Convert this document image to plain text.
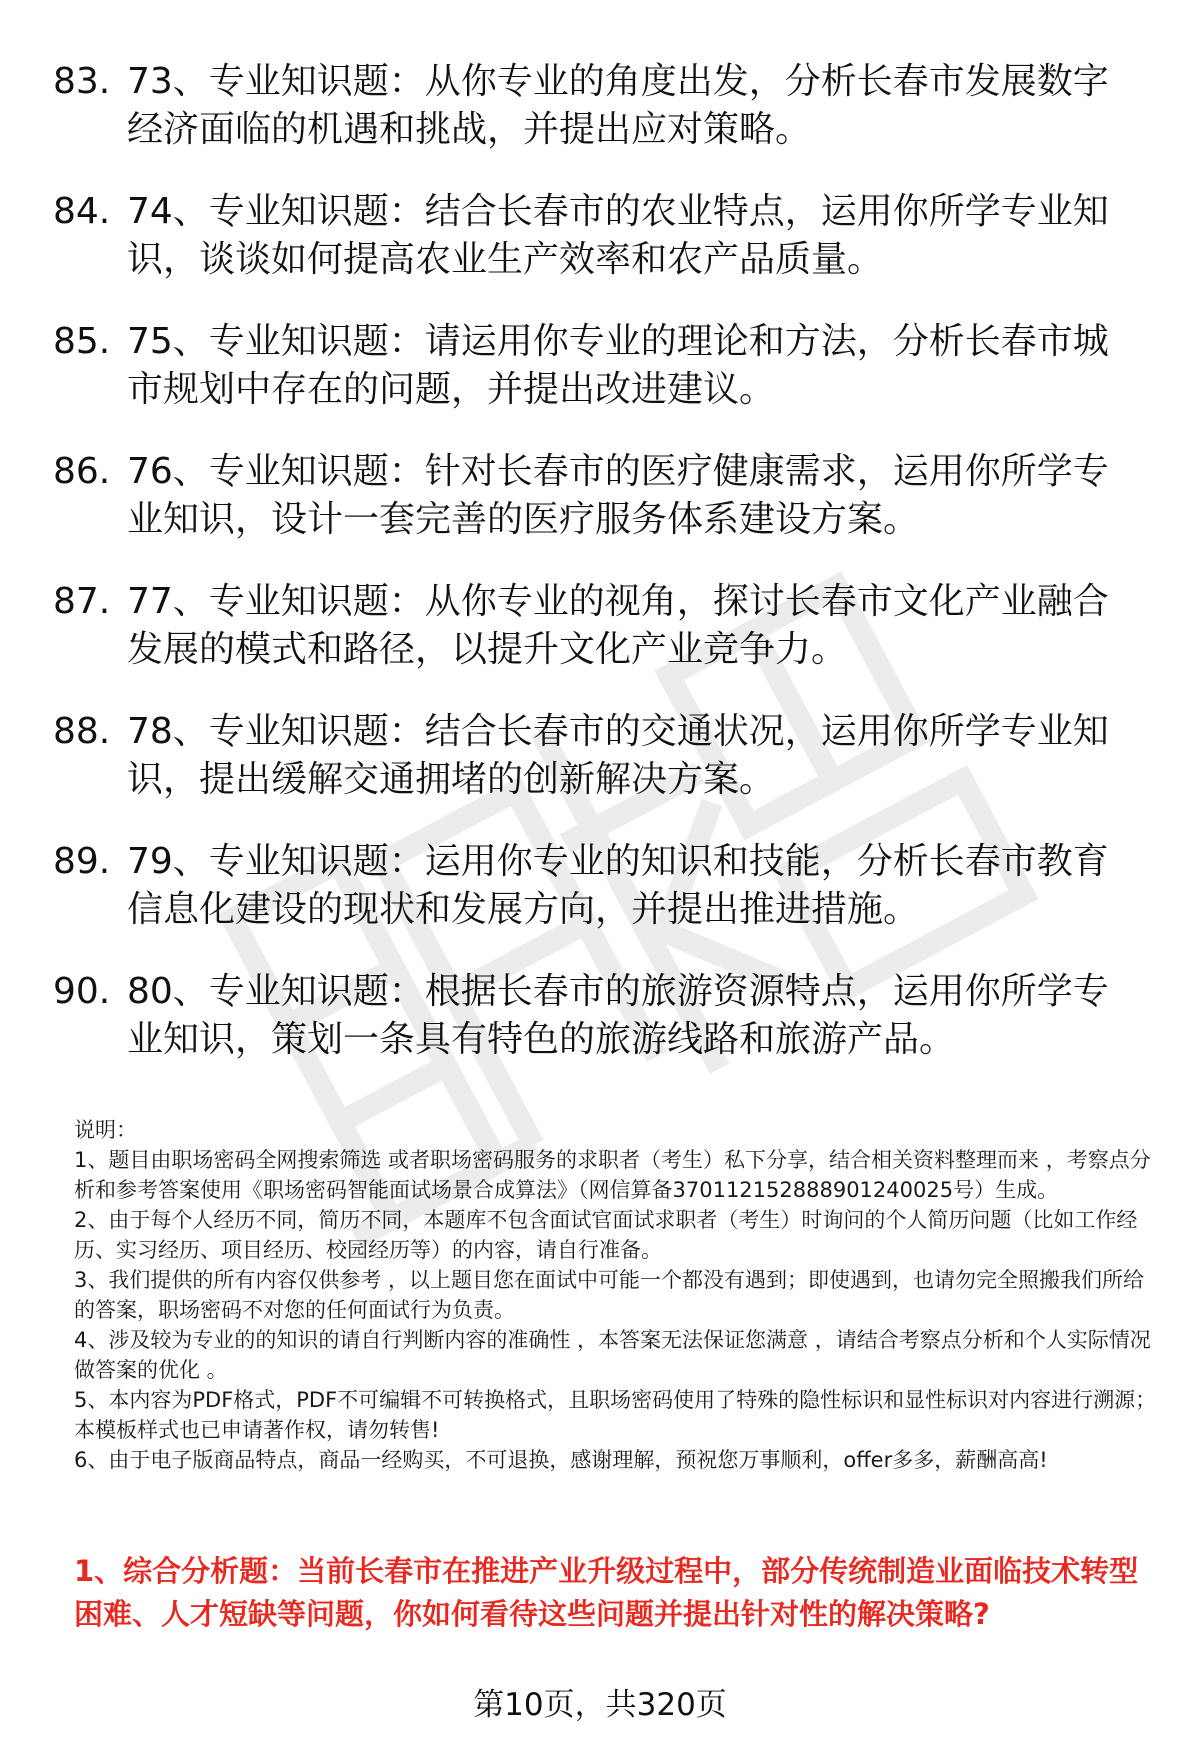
83. 73、专业知识题：从你专业的角度出发，分析长春市发展数字经济面临的机遇和挑战，并提出应对策略。
84. 74、专业知识题：结合长春市的农业特点，运用你所学专业知识，谈谈如何提高农业生产效率和农产品质量。
85. 75、专业知识题：请运用你专业的理论和方法，分析长春市城市规划中存在的问题，并提出改进建议。
86. 76、专业知识题：针对长春市的医疗健康需求，运用你所学专业知识，设计一套完善的医疗服务体系建设方案。
87. 77、专业知识题：从你专业的视角，探讨长春市文化产业融合发展的模式和路径，以提升文化产业竞争力。
88. 78、专业知识题：结合长春市的交通状况，运用你所学专业知识，提出缓解交通拥堵的创新解决方案。
89. 79、专业知识题：运用你专业的知识和技能，分析长春市教育信息化建设的现状和发展方向，并提出推进措施。
90. 80、专业知识题：根据长春市的旅游资源特点，运用你所学专业知识，策划一条具有特色的旅游线路和旅游产品。

说明：

1、题目由职场密码全网搜索筛选 或者职场密码服务的求职者（考生）私下分享，结合相关资料整理而来 ，考察点分析和参考答案使用《职场密码智能面试场景合成算法》（网信算备370112152888901240025号）生成。

2、由于每个人经历不同，简历不同，本题库不包含面试官面试求职者（考生）时询问的个人简历问题（比如工作经历、实习经历、项目经历、校园经历等）的内容，请自行准备。

3、我们提供的所有内容仅供参考 ，以上题目您在面试中可能一个都没有遇到；即使遇到，也请勿完全照搬我们所给的答案，职场密码不对您的任何面试行为负责。

4、涉及较为专业的的知识的请自行判断内容的准确性 ，本答案无法保证您满意 ，请结合考察点分析和个人实际情况做答案的优化 。

5、本内容为PDF格式，PDF不可编辑不可转换格式，且职场密码使用了特殊的隐性标识和显性标识对内容进行溯源；本模板样式也已申请著作权，请勿转售!

6、由于电子版商品特点，商品一经购买，不可退换，感谢理解，预祝您万事顺利，offer多多，薪酬高高!

1、综合分析题：当前长春市在推进产业升级过程中，部分传统制造业面临技术转型困难、人才短缺等问题，你如何看待这些问题并提出针对性的解决策略?

第10页，共320页
